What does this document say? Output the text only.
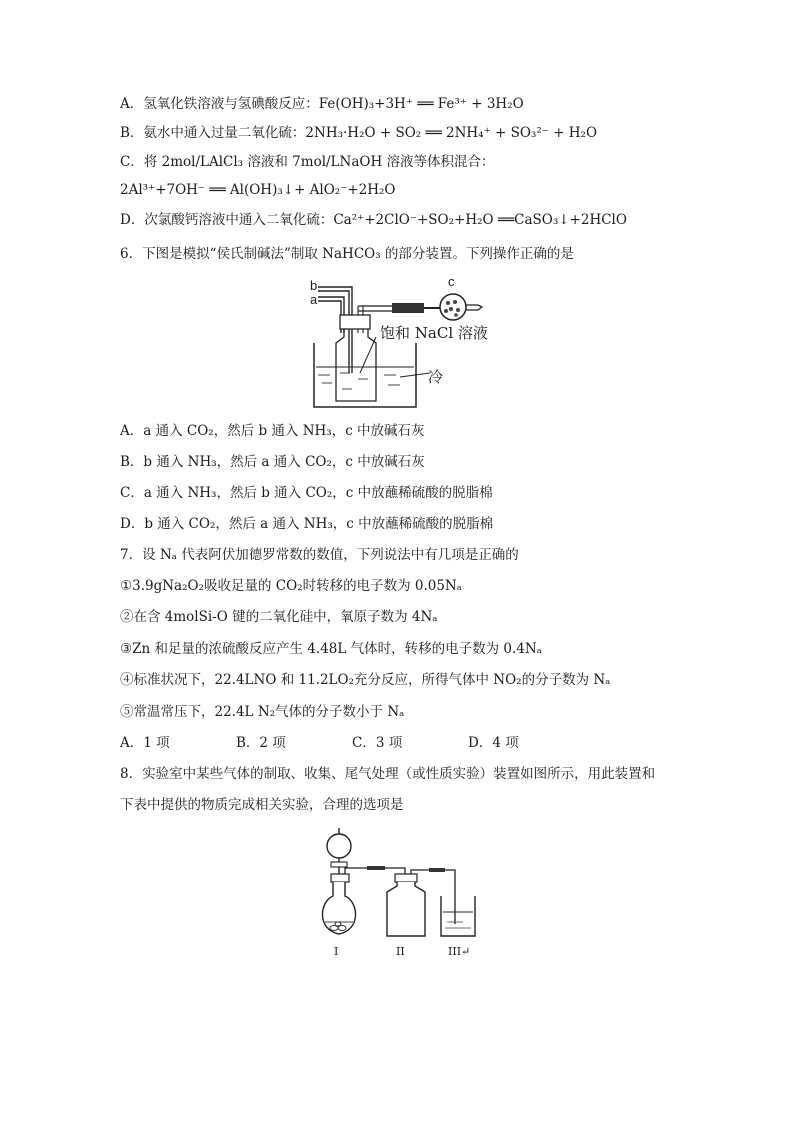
A．氢氧化铁溶液与氢碘酸反应：Fe(OH)₃+3H⁺ ══ Fe³⁺ + 3H₂O
B．氨水中通入过量二氧化硫：2NH₃·H₂O + SO₂ ══ 2NH₄⁺ + SO₃²⁻ + H₂O
C．将 2mol/LAlCl₃ 溶液和 7mol/LNaOH 溶液等体积混合：
2Al³⁺+7OH⁻ ══ Al(OH)₃↓+ AlO₂⁻+2H₂O
D．次氯酸钙溶液中通入二氧化硫：Ca²⁺+2ClO⁻+SO₂+H₂O ══CaSO₃↓+2HClO
6．下图是模拟“侯氏制碱法”制取 NaHCO₃ 的部分装置。下列操作正确的是
b
a
c
饱和 NaCl 溶液
冷
A．a 通入 CO₂，然后 b 通入 NH₃，c 中放碱石灰
B．b 通入 NH₃，然后 a 通入 CO₂，c 中放碱石灰
C．a 通入 NH₃，然后 b 通入 CO₂，c 中放蘸稀硫酸的脱脂棉
D．b 通入 CO₂，然后 a 通入 NH₃，c 中放蘸稀硫酸的脱脂棉
7．设 Nₐ 代表阿伏加德罗常数的数值，下列说法中有几项是正确的
①3.9gNa₂O₂吸收足量的 CO₂时转移的电子数为 0.05Nₐ
②在含 4molSi-O 键的二氧化硅中，氧原子数为 4Nₐ
③Zn 和足量的浓硫酸反应产生 4.48L 气体时，转移的电子数为 0.4Nₐ
④标准状况下，22.4LNO 和 11.2LO₂充分反应，所得气体中 NO₂的分子数为 Nₐ
⑤常温常压下，22.4L N₂气体的分子数小于 Nₐ
A．1 项	B．2 项	C．3 项	D．4 项
8．实验室中某些气体的制取、收集、尾气处理（或性质实验）装置如图所示，用此装置和
下表中提供的物质完成相关实验，合理的选项是
I	II	III↵
